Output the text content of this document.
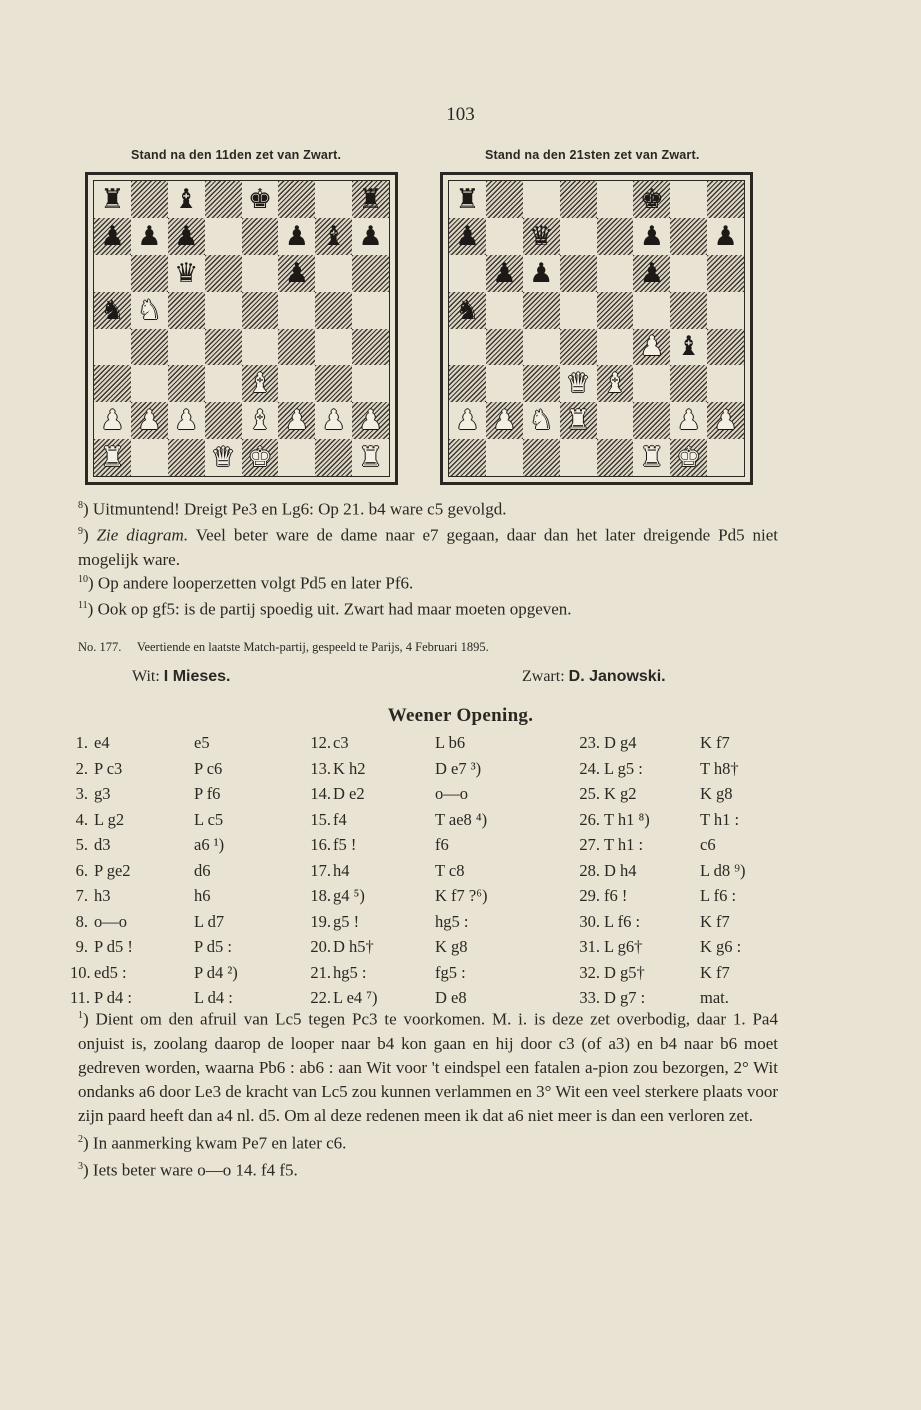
103
Stand na den 11den zet van Zwart.	Stand na den 21sten zet van Zwart.
♜ ♝ ♚	♜
♟ ♟ ♟	♟ ♝ ♟
♛	♟
♞ ♞
♝
♟ ♟ ♟ ♝ ♟ ♟ ♟
♜	♛ ♚	♜
♜	♚
♟ ♛	♟ ♟
♟ ♟	♟
♞
♟ ♝
♛ ♝
♟ ♟ ♞ ♜	♟ ♟
♜ ♚
$^8$) Uitmuntend! Dreigt Pe3 en Lg6: Op 21. b4 ware c5 gevolgd.
$^9$) Zie diagram. Veel beter ware de dame naar e7 gegaan, daar dan het later dreigende Pd5 niet mogelijk ware.
$^{10}$) Op andere looperzetten volgt Pd5 en later Pf6.
$^{11}$) Ook op gf5: is de partij spoedig uit. Zwart had maar moeten opgeven.
No. 177. Veertiende en laatste Match-partij, gespeeld te Parijs, 4 Februari 1895.
Wit: I Mieses.	Zwart: D. Janowski.
Weener Opening.
1. e4	e5
2. P c3	P c6
3. g3	P f6
4. L g2	L c5
5. d3	a6 ¹)
6. P ge2	d6
7. h3	h6
8. o—o	L d7
9. P d5 !	P d5 :
10. ed5 :	P d4 ²)
11. P d4 :	L d4 :
12. c3	L b6
13. K h2	D e7 ³)
14. D e2	o—o
15. f4	T ae8 ⁴)
16. f5 !	f6
17. h4	T c8
18. g4 ⁵)	K f7 ?⁶)
19. g5 !	hg5 :
20. D h5†	K g8
21. hg5 :	fg5 :
22. L e4 ⁷)	D e8
23. D g4	K f7
24. L g5 :	T h8†
25. K g2	K g8
26. T h1 ⁸)	T h1 :
27. T h1 :	c6
28. D h4	L d8 ⁹)
29. f6 !	L f6 :
30. L f6 :	K f7
31. L g6†	K g6 :
32. D g5†	K f7
33. D g7 :	mat.
$^1$) Dient om den afruil van Lc5 tegen Pc3 te voorkomen. M. i. is deze zet overbodig, daar 1. Pa4 onjuist is, zoolang daarop de looper naar b4 kon gaan en hij door c3 (of a3) en b4 naar b6 moet gedreven worden, waarna Pb6 : ab6 : aan Wit voor 't eindspel een fatalen a-pion zou bezorgen, 2° Wit ondanks a6 door Le3 de kracht van Lc5 zou kunnen verlammen en 3° Wit een veel sterkere plaats voor zijn paard heeft dan a4 nl. d5. Om al deze redenen meen ik dat a6 niet meer is dan een verloren zet.
$^2$) In aanmerking kwam Pe7 en later c6.
$^3$) Iets beter ware o—o 14. f4 f5.
